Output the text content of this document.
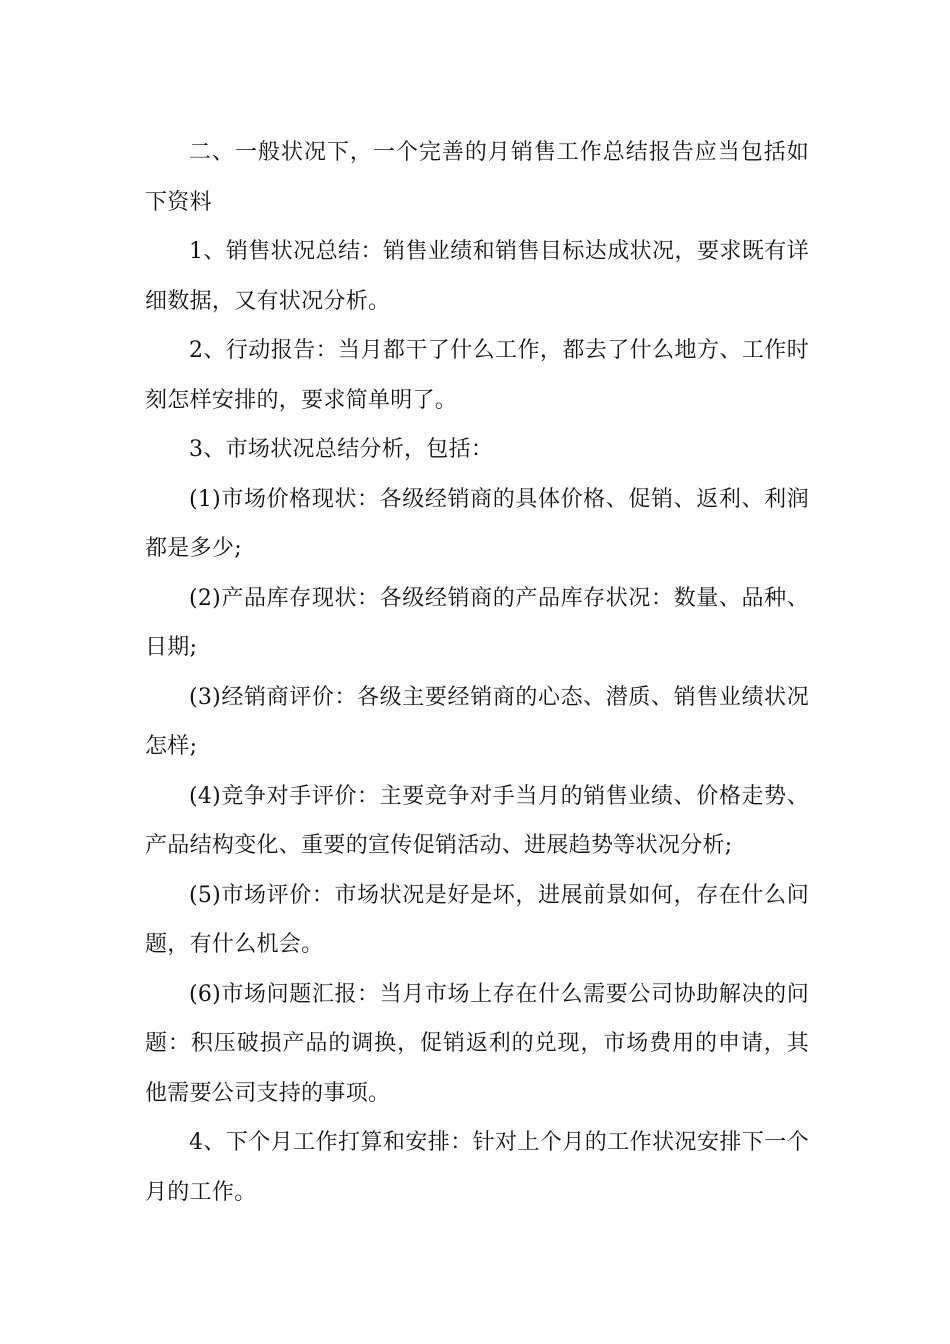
二、一般状况下，一个完善的月销售工作总结报告应当包括如下资料

1、销售状况总结：销售业绩和销售目标达成状况，要求既有详细数据，又有状况分析。

2、行动报告：当月都干了什么工作，都去了什么地方、工作时刻怎样安排的，要求简单明了。

3、市场状况总结分析，包括：

(1)市场价格现状：各级经销商的具体价格、促销、返利、利润都是多少;

(2)产品库存现状：各级经销商的产品库存状况：数量、品种、日期;

(3)经销商评价：各级主要经销商的心态、潜质、销售业绩状况怎样;

(4)竞争对手评价：主要竞争对手当月的销售业绩、价格走势、产品结构变化、重要的宣传促销活动、进展趋势等状况分析;

(5)市场评价：市场状况是好是坏，进展前景如何，存在什么问题，有什么机会。

(6)市场问题汇报：当月市场上存在什么需要公司协助解决的问题：积压破损产品的调换，促销返利的兑现，市场费用的申请，其他需要公司支持的事项。

4、下个月工作打算和安排：针对上个月的工作状况安排下一个月的工作。
